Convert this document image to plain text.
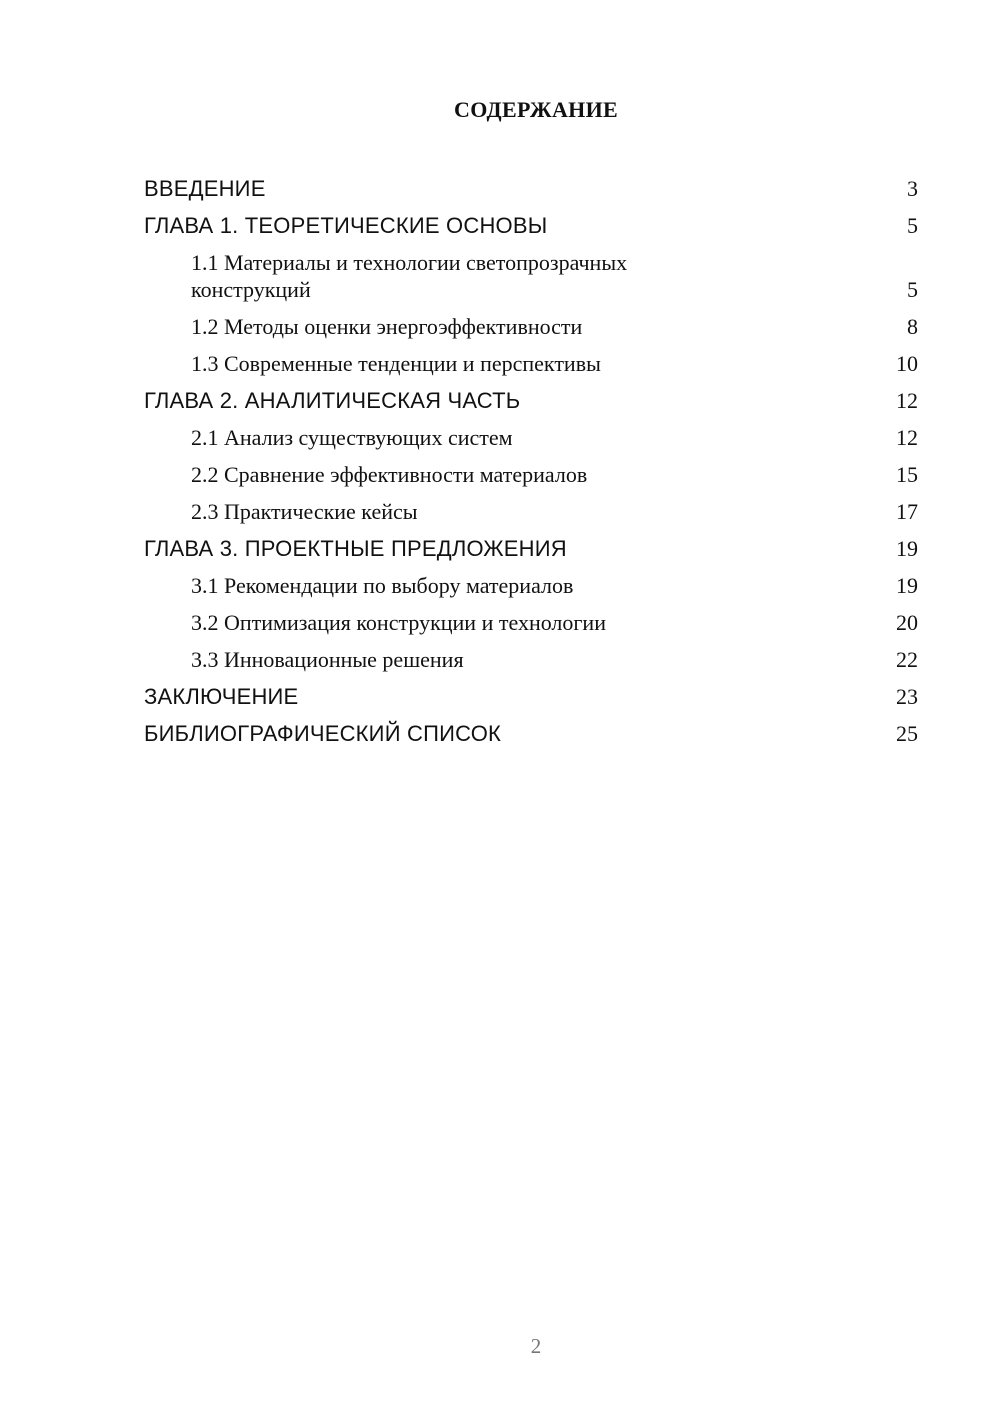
СОДЕРЖАНИЕ
ВВЕДЕНИЕ	3
ГЛАВА 1. ТЕОРЕТИЧЕСКИЕ ОСНОВЫ	5
1.1 Материалы и технологии светопрозрачных конструкций	5
1.2 Методы оценки энергоэффективности	8
1.3 Современные тенденции и перспективы	10
ГЛАВА 2. АНАЛИТИЧЕСКАЯ ЧАСТЬ	12
2.1 Анализ существующих систем	12
2.2 Сравнение эффективности материалов	15
2.3 Практические кейсы	17
ГЛАВА 3. ПРОЕКТНЫЕ ПРЕДЛОЖЕНИЯ	19
3.1 Рекомендации по выбору материалов	19
3.2 Оптимизация конструкции и технологии	20
3.3 Инновационные решения	22
ЗАКЛЮЧЕНИЕ	23
БИБЛИОГРАФИЧЕСКИЙ СПИСОК	25
2
